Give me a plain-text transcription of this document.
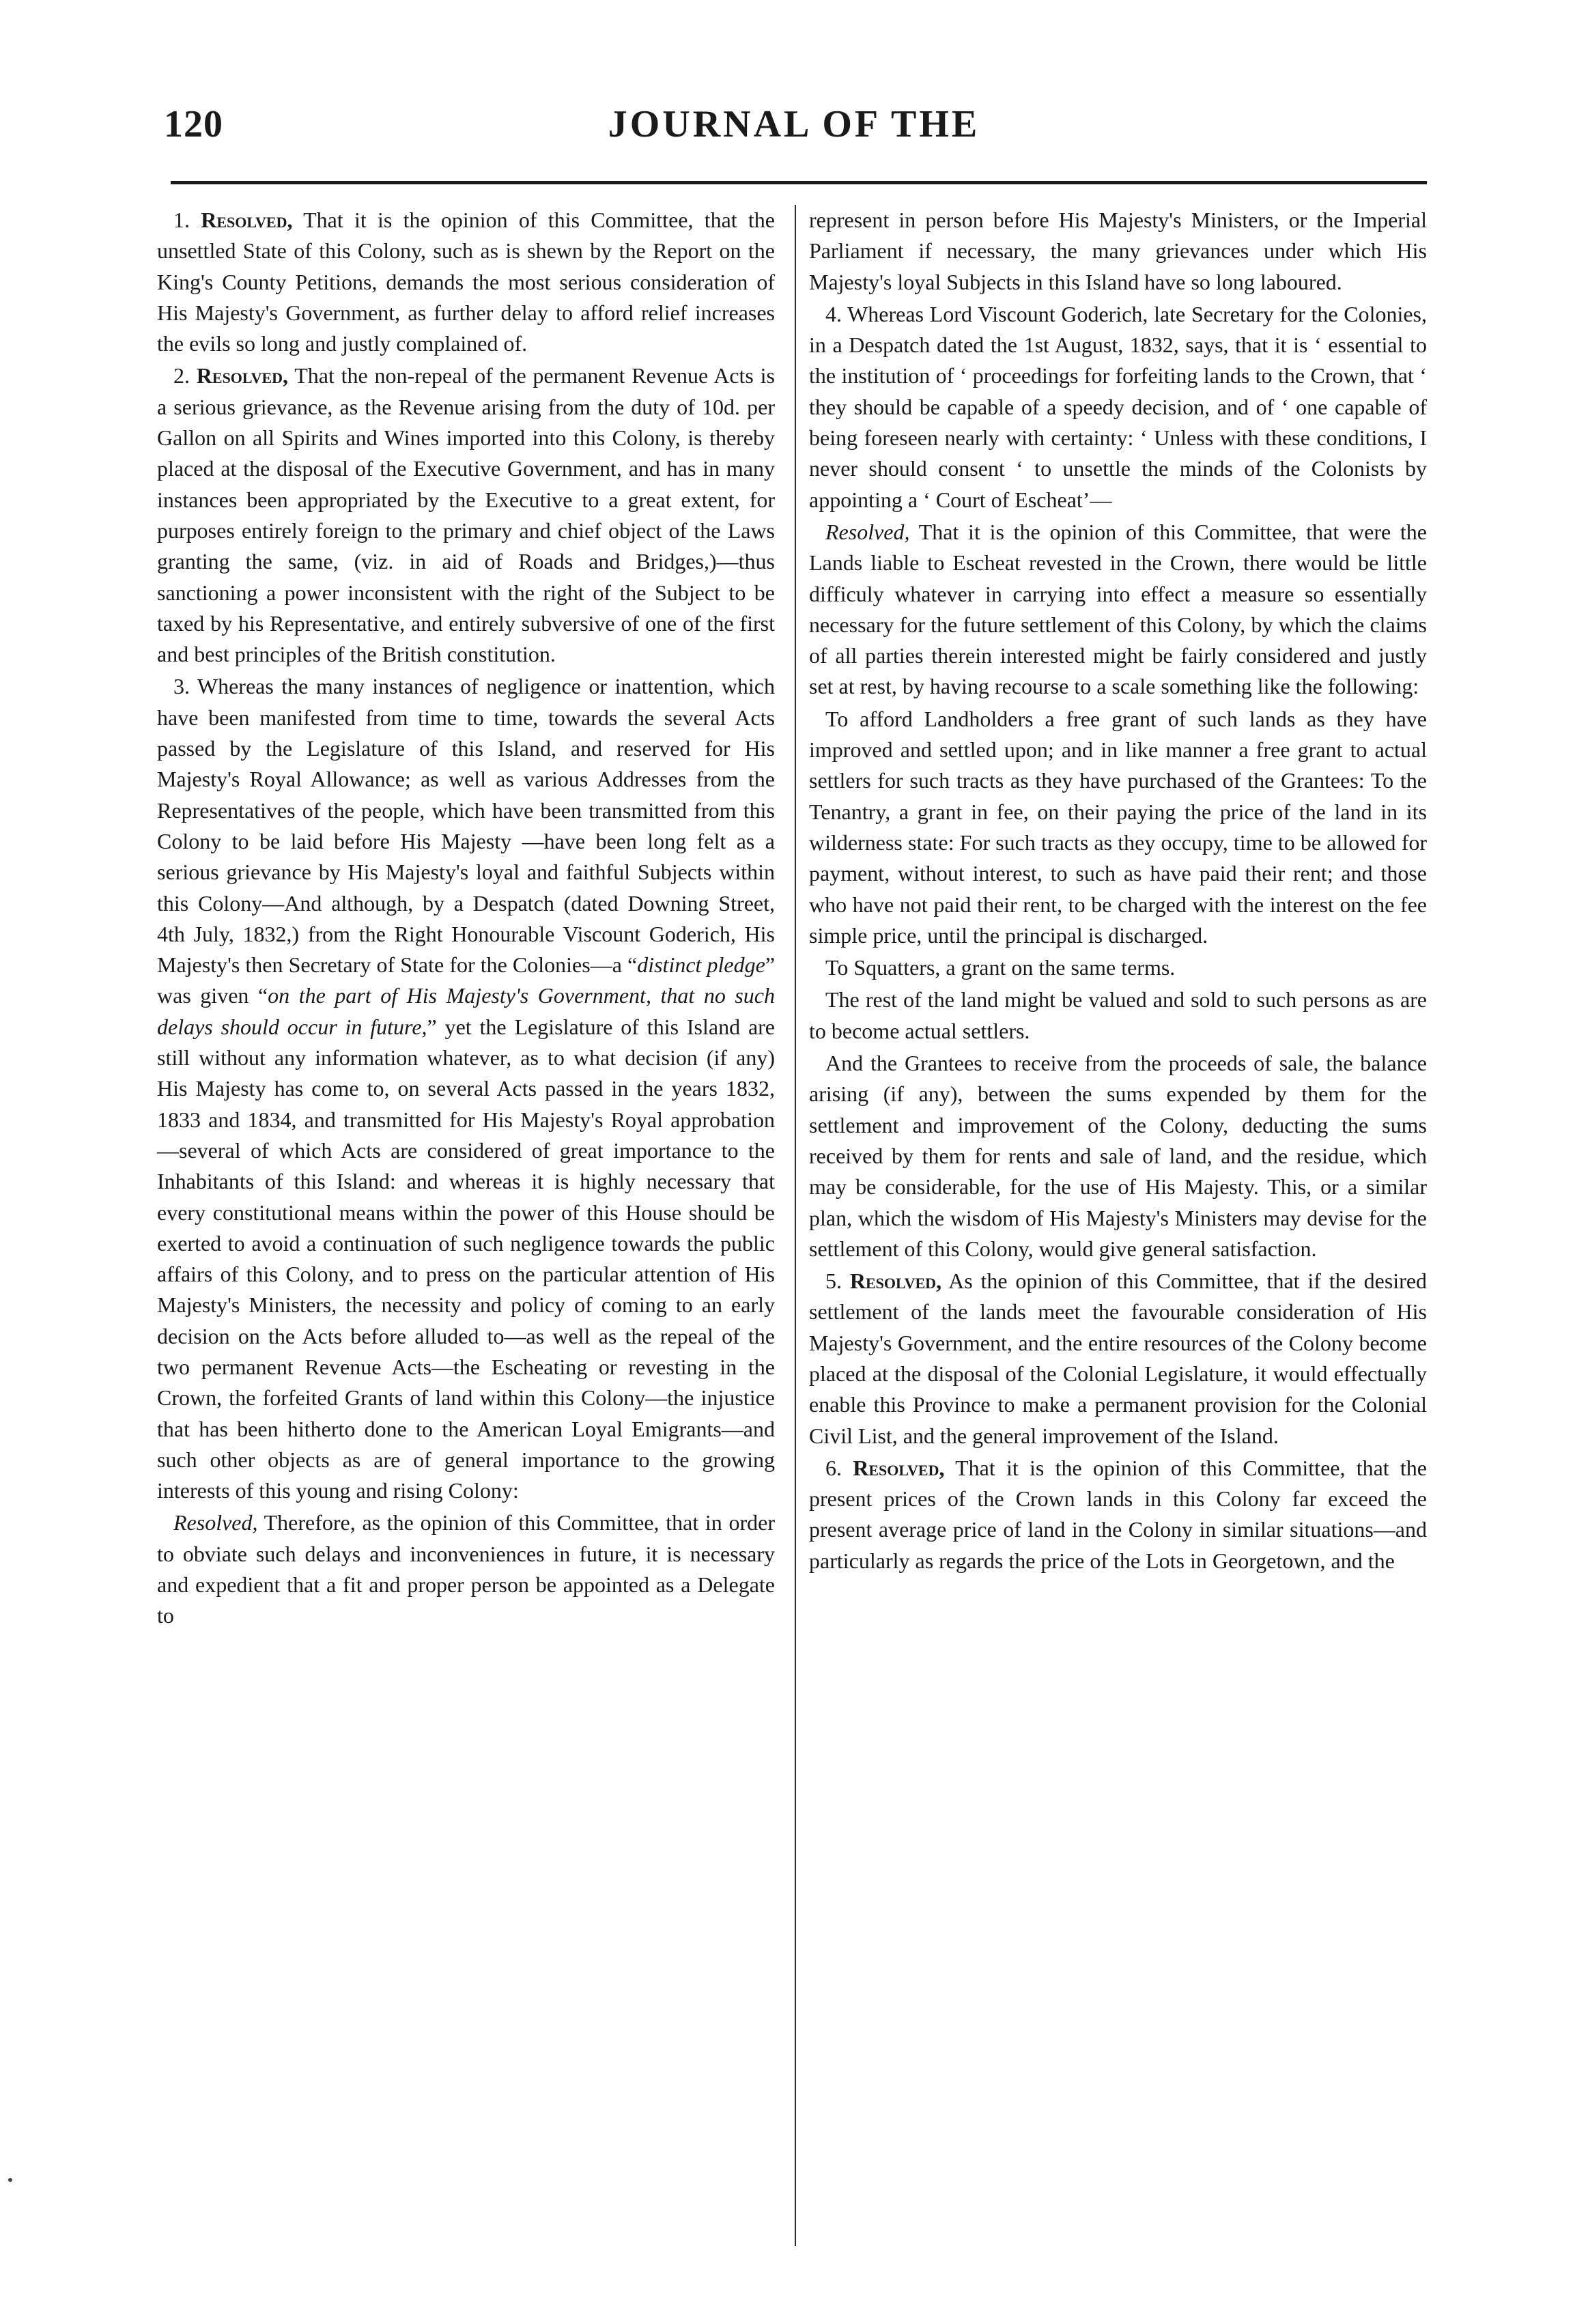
120	JOURNAL OF THE

1. Resolved, That it is the opinion of this Committee, that the unsettled State of this Colony, such as is shewn by the Report on the King's County Petitions, demands the most serious consideration of His Majesty's Government, as further delay to afford relief increases the evils so long and justly complained of.

2. Resolved, That the non-repeal of the permanent Revenue Acts is a serious grievance, as the Revenue arising from the duty of 10d. per Gallon on all Spirits and Wines imported into this Colony, is thereby placed at the disposal of the Executive Government, and has in many instances been appropriated by the Executive to a great extent, for purposes entirely foreign to the primary and chief object of the Laws granting the same, (viz. in aid of Roads and Bridges,)—thus sanctioning a power inconsistent with the right of the Subject to be taxed by his Representative, and entirely subversive of one of the first and best principles of the British constitution.

3. Whereas the many instances of negligence or inattention, which have been manifested from time to time, towards the several Acts passed by the Legislature of this Island, and reserved for His Majesty's Royal Allowance; as well as various Addresses from the Representatives of the people, which have been transmitted from this Colony to be laid before His Majesty —have been long felt as a serious grievance by His Majesty's loyal and faithful Subjects within this Colony—And although, by a Despatch (dated Downing Street, 4th July, 1832,) from the Right Honourable Viscount Goderich, His Majesty's then Secretary of State for the Colonies—a “distinct pledge” was given “on the part of His Majesty's Government, that no such delays should occur in future,” yet the Legislature of this Island are still without any information whatever, as to what decision (if any) His Majesty has come to, on several Acts passed in the years 1832, 1833 and 1834, and transmitted for His Majesty's Royal approbation—several of which Acts are considered of great importance to the Inhabitants of this Island: and whereas it is highly necessary that every constitutional means within the power of this House should be exerted to avoid a continuation of such negligence towards the public affairs of this Colony, and to press on the particular attention of His Majesty's Ministers, the necessity and policy of coming to an early decision on the Acts before alluded to—as well as the repeal of the two permanent Revenue Acts—the Escheating or revesting in the Crown, the forfeited Grants of land within this Colony—the injustice that has been hitherto done to the American Loyal Emigrants—and such other objects as are of general importance to the growing interests of this young and rising Colony:

Resolved, Therefore, as the opinion of this Committee, that in order to obviate such delays and inconveniences in future, it is necessary and expedient that a fit and proper person be appointed as a Delegate to

represent in person before His Majesty's Ministers, or the Imperial Parliament if necessary, the many grievances under which His Majesty's loyal Subjects in this Island have so long laboured.

4. Whereas Lord Viscount Goderich, late Secretary for the Colonies, in a Despatch dated the 1st August, 1832, says, that it is ‘ essential to the institution of ‘ proceedings for forfeiting lands to the Crown, that ‘ they should be capable of a speedy decision, and of ‘ one capable of being foreseen nearly with certainty: ‘ Unless with these conditions, I never should consent ‘ to unsettle the minds of the Colonists by appointing a ‘ Court of Escheat’—

Resolved, That it is the opinion of this Committee, that were the Lands liable to Escheat revested in the Crown, there would be little difficuly whatever in carrying into effect a measure so essentially necessary for the future settlement of this Colony, by which the claims of all parties therein interested might be fairly considered and justly set at rest, by having recourse to a scale something like the following:

To afford Landholders a free grant of such lands as they have improved and settled upon; and in like manner a free grant to actual settlers for such tracts as they have purchased of the Grantees: To the Tenantry, a grant in fee, on their paying the price of the land in its wilderness state: For such tracts as they occupy, time to be allowed for payment, without interest, to such as have paid their rent; and those who have not paid their rent, to be charged with the interest on the fee simple price, until the principal is discharged.

To Squatters, a grant on the same terms.

The rest of the land might be valued and sold to such persons as are to become actual settlers.

And the Grantees to receive from the proceeds of sale, the balance arising (if any), between the sums expended by them for the settlement and improvement of the Colony, deducting the sums received by them for rents and sale of land, and the residue, which may be considerable, for the use of His Majesty. This, or a similar plan, which the wisdom of His Majesty's Ministers may devise for the settlement of this Colony, would give general satisfaction.

5. Resolved, As the opinion of this Committee, that if the desired settlement of the lands meet the favourable consideration of His Majesty's Government, and the entire resources of the Colony become placed at the disposal of the Colonial Legislature, it would effectually enable this Province to make a permanent provision for the Colonial Civil List, and the general improvement of the Island.

6. Resolved, That it is the opinion of this Committee, that the present prices of the Crown lands in this Colony far exceed the present average price of land in the Colony in similar situations—and particularly as regards the price of the Lots in Georgetown, and the
